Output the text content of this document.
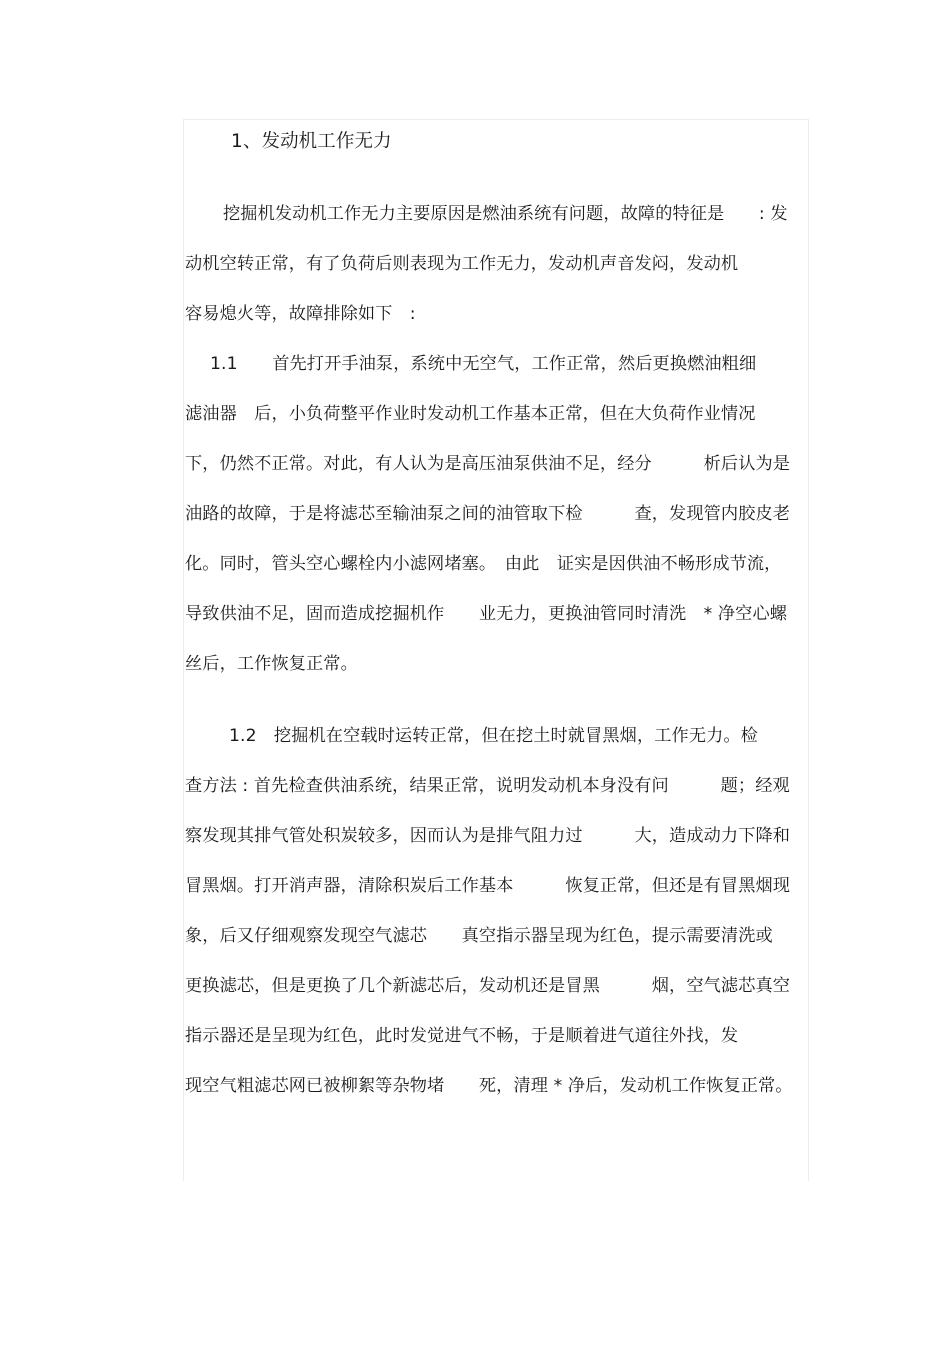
1、发动机工作无力
挖掘机发动机工作无力主要原因是燃油系统有问题，故障的特征是　　: 发
动机空转正常，有了负荷后则表现为工作无力，发动机声音发闷，发动机
容易熄火等，故障排除如下　:
1.1　　首先打开手油泵，系统中无空气，工作正常，然后更换燃油粗细
滤油器　后，小负荷整平作业时发动机工作基本正常，但在大负荷作业情况
下，仍然不正常。对此，有人认为是高压油泵供油不足，经分　　　析后认为是
油路的故障，于是将滤芯至输油泵之间的油管取下检　　　查，发现管内胶皮老
化。同时，管头空心螺栓内小滤网堵塞。　由此　证实是因供油不畅形成节流，
导致供油不足，固而造成挖掘机作　　业无力，更换油管同时清洗　* 净空心螺
丝后，工作恢复正常。
1.2　挖掘机在空载时运转正常，但在挖土时就冒黑烟，工作无力。检
查方法 : 首先检查供油系统，结果正常，说明发动机本身没有问　　　题；经观
察发现其排气管处积炭较多，因而认为是排气阻力过　　　大，造成动力下降和
冒黑烟。打开消声器，清除积炭后工作基本　　　恢复正常，但还是有冒黑烟现
象，后又仔细观察发现空气滤芯　　真空指示器呈现为红色，提示需要清洗或
更换滤芯，但是更换了几个新滤芯后，发动机还是冒黑　　　烟，空气滤芯真空
指示器还是呈现为红色，此时发觉进气不畅，于是顺着进气道往外找，发
现空气粗滤芯网已被柳絮等杂物堵　　死，清理 * 净后，发动机工作恢复正常。
